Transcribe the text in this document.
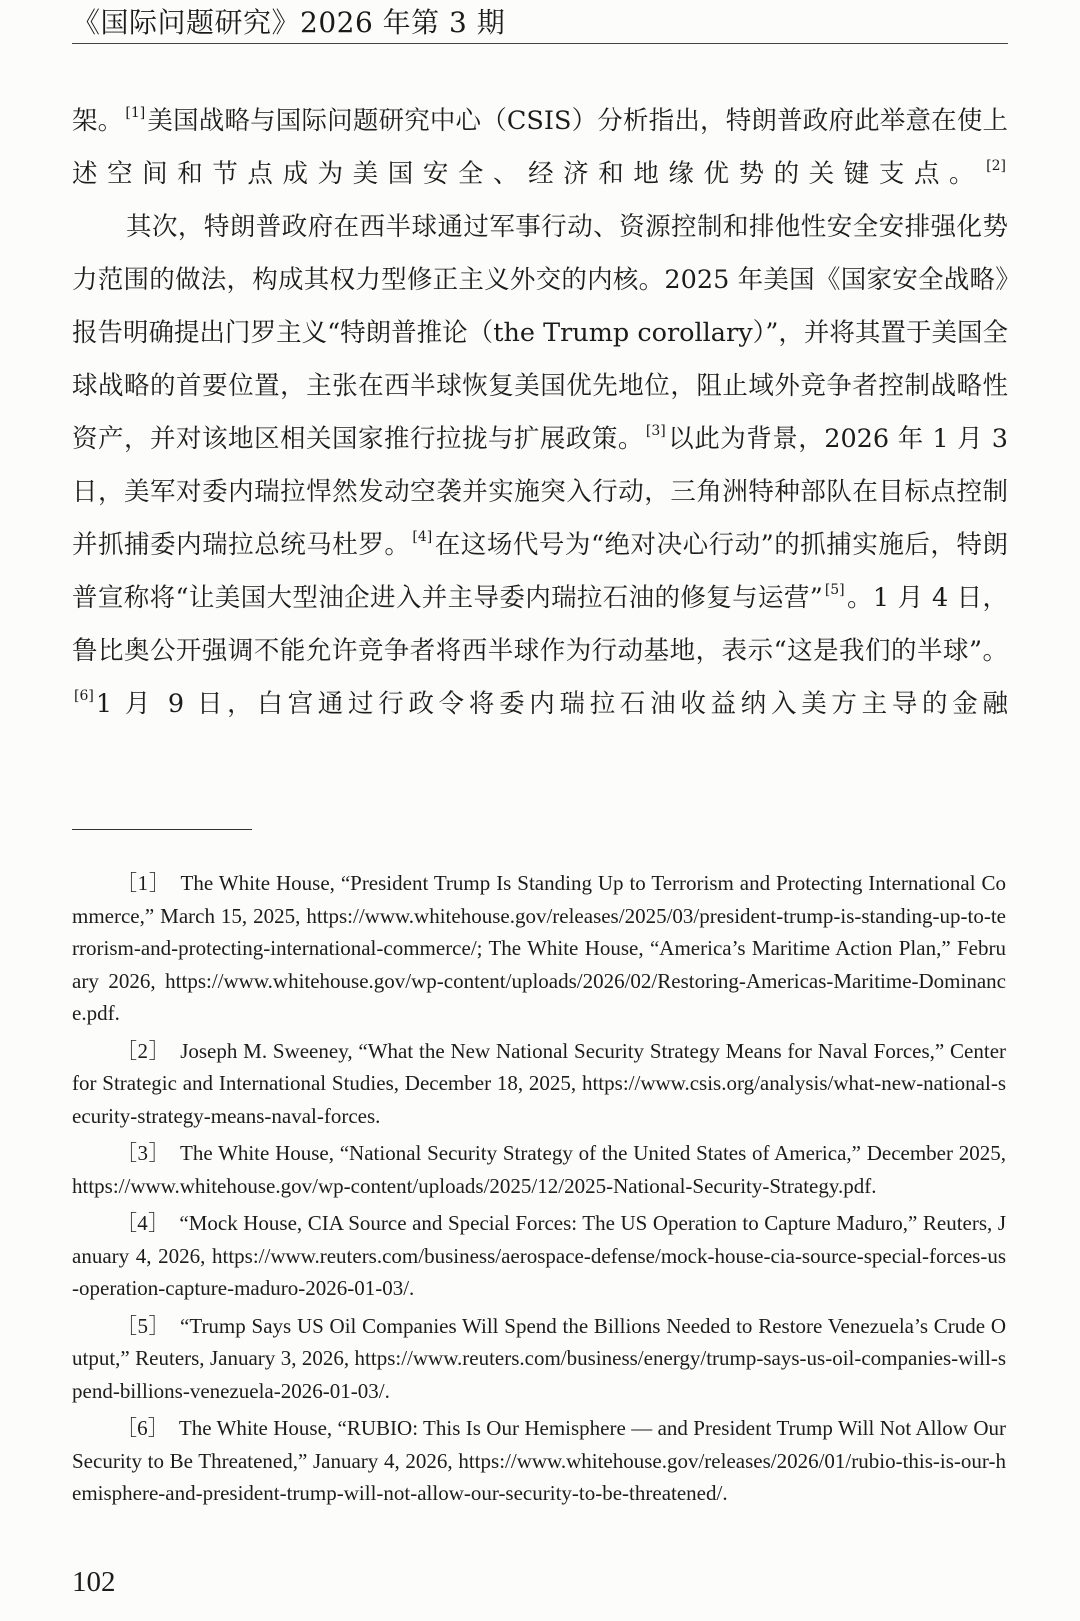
《国际问题研究》2026 年第 3 期

架。 [1]美国战略与国际问题研究中心（CSIS）分析指出，特朗普政府此举意在使上述空间和节点成为美国安全、经济和地缘优势的关键支点。 [2]

其次，特朗普政府在西半球通过军事行动、资源控制和排他性安全安排强化势力范围的做法，构成其权力型修正主义外交的内核。2025 年美国《国家安全战略》报告明确提出门罗主义“特朗普推论（the Trump corollary）”，并将其置于美国全球战略的首要位置，主张在西半球恢复美国优先地位，阻止域外竞争者控制战略性资产，并对该地区相关国家推行拉拢与扩展政策。 [3]以此为背景，2026 年 1 月 3 日，美军对委内瑞拉悍然发动空袭并实施突入行动，三角洲特种部队在目标点控制并抓捕委内瑞拉总统马杜罗。 [4]在这场代号为“绝对决心行动”的抓捕实施后，特朗普宣称将“让美国大型油企进入并主导委内瑞拉石油的修复与运营” [5]。1 月 4 日，鲁比奥公开强调不能允许竞争者将西半球作为行动基地，表示“这是我们的半球”。[6]1 月 9 日，白宫通过行政令将委内瑞拉石油收益纳入美方主导的金融

［1］ The White House, “President Trump Is Standing Up to Terrorism and Protecting International Commerce,” March 15, 2025, https://www.whitehouse.gov/releases/2025/03/president-trump-is-standing-up-to-terrorism-and-protecting-international-commerce/; The White House, “America’s Maritime Action Plan,” February 2026, https://www.whitehouse.gov/wp-content/uploads/2026/02/Restoring-Americas-Maritime-Dominance.pdf.

［2］ Joseph M. Sweeney, “What the New National Security Strategy Means for Naval Forces,” Center for Strategic and International Studies, December 18, 2025, https://www.csis.org/analysis/what-new-national-security-strategy-means-naval-forces.

［3］ The White House, “National Security Strategy of the United States of America,” December 2025, https://www.whitehouse.gov/wp-content/uploads/2025/12/2025-National-Security-Strategy.pdf.

［4］ “Mock House, CIA Source and Special Forces: The US Operation to Capture Maduro,” Reuters, January 4, 2026, https://www.reuters.com/business/aerospace-defense/mock-house-cia-source-special-forces-us-operation-capture-maduro-2026-01-03/.

［5］ “Trump Says US Oil Companies Will Spend the Billions Needed to Restore Venezuela’s Crude Output,” Reuters, January 3, 2026, https://www.reuters.com/business/energy/trump-says-us-oil-companies-will-spend-billions-venezuela-2026-01-03/.

［6］ The White House, “RUBIO: This Is Our Hemisphere — and President Trump Will Not Allow Our Security to Be Threatened,” January 4, 2026, https://www.whitehouse.gov/releases/2026/01/rubio-this-is-our-hemisphere-and-president-trump-will-not-allow-our-security-to-be-threatened/.

102
